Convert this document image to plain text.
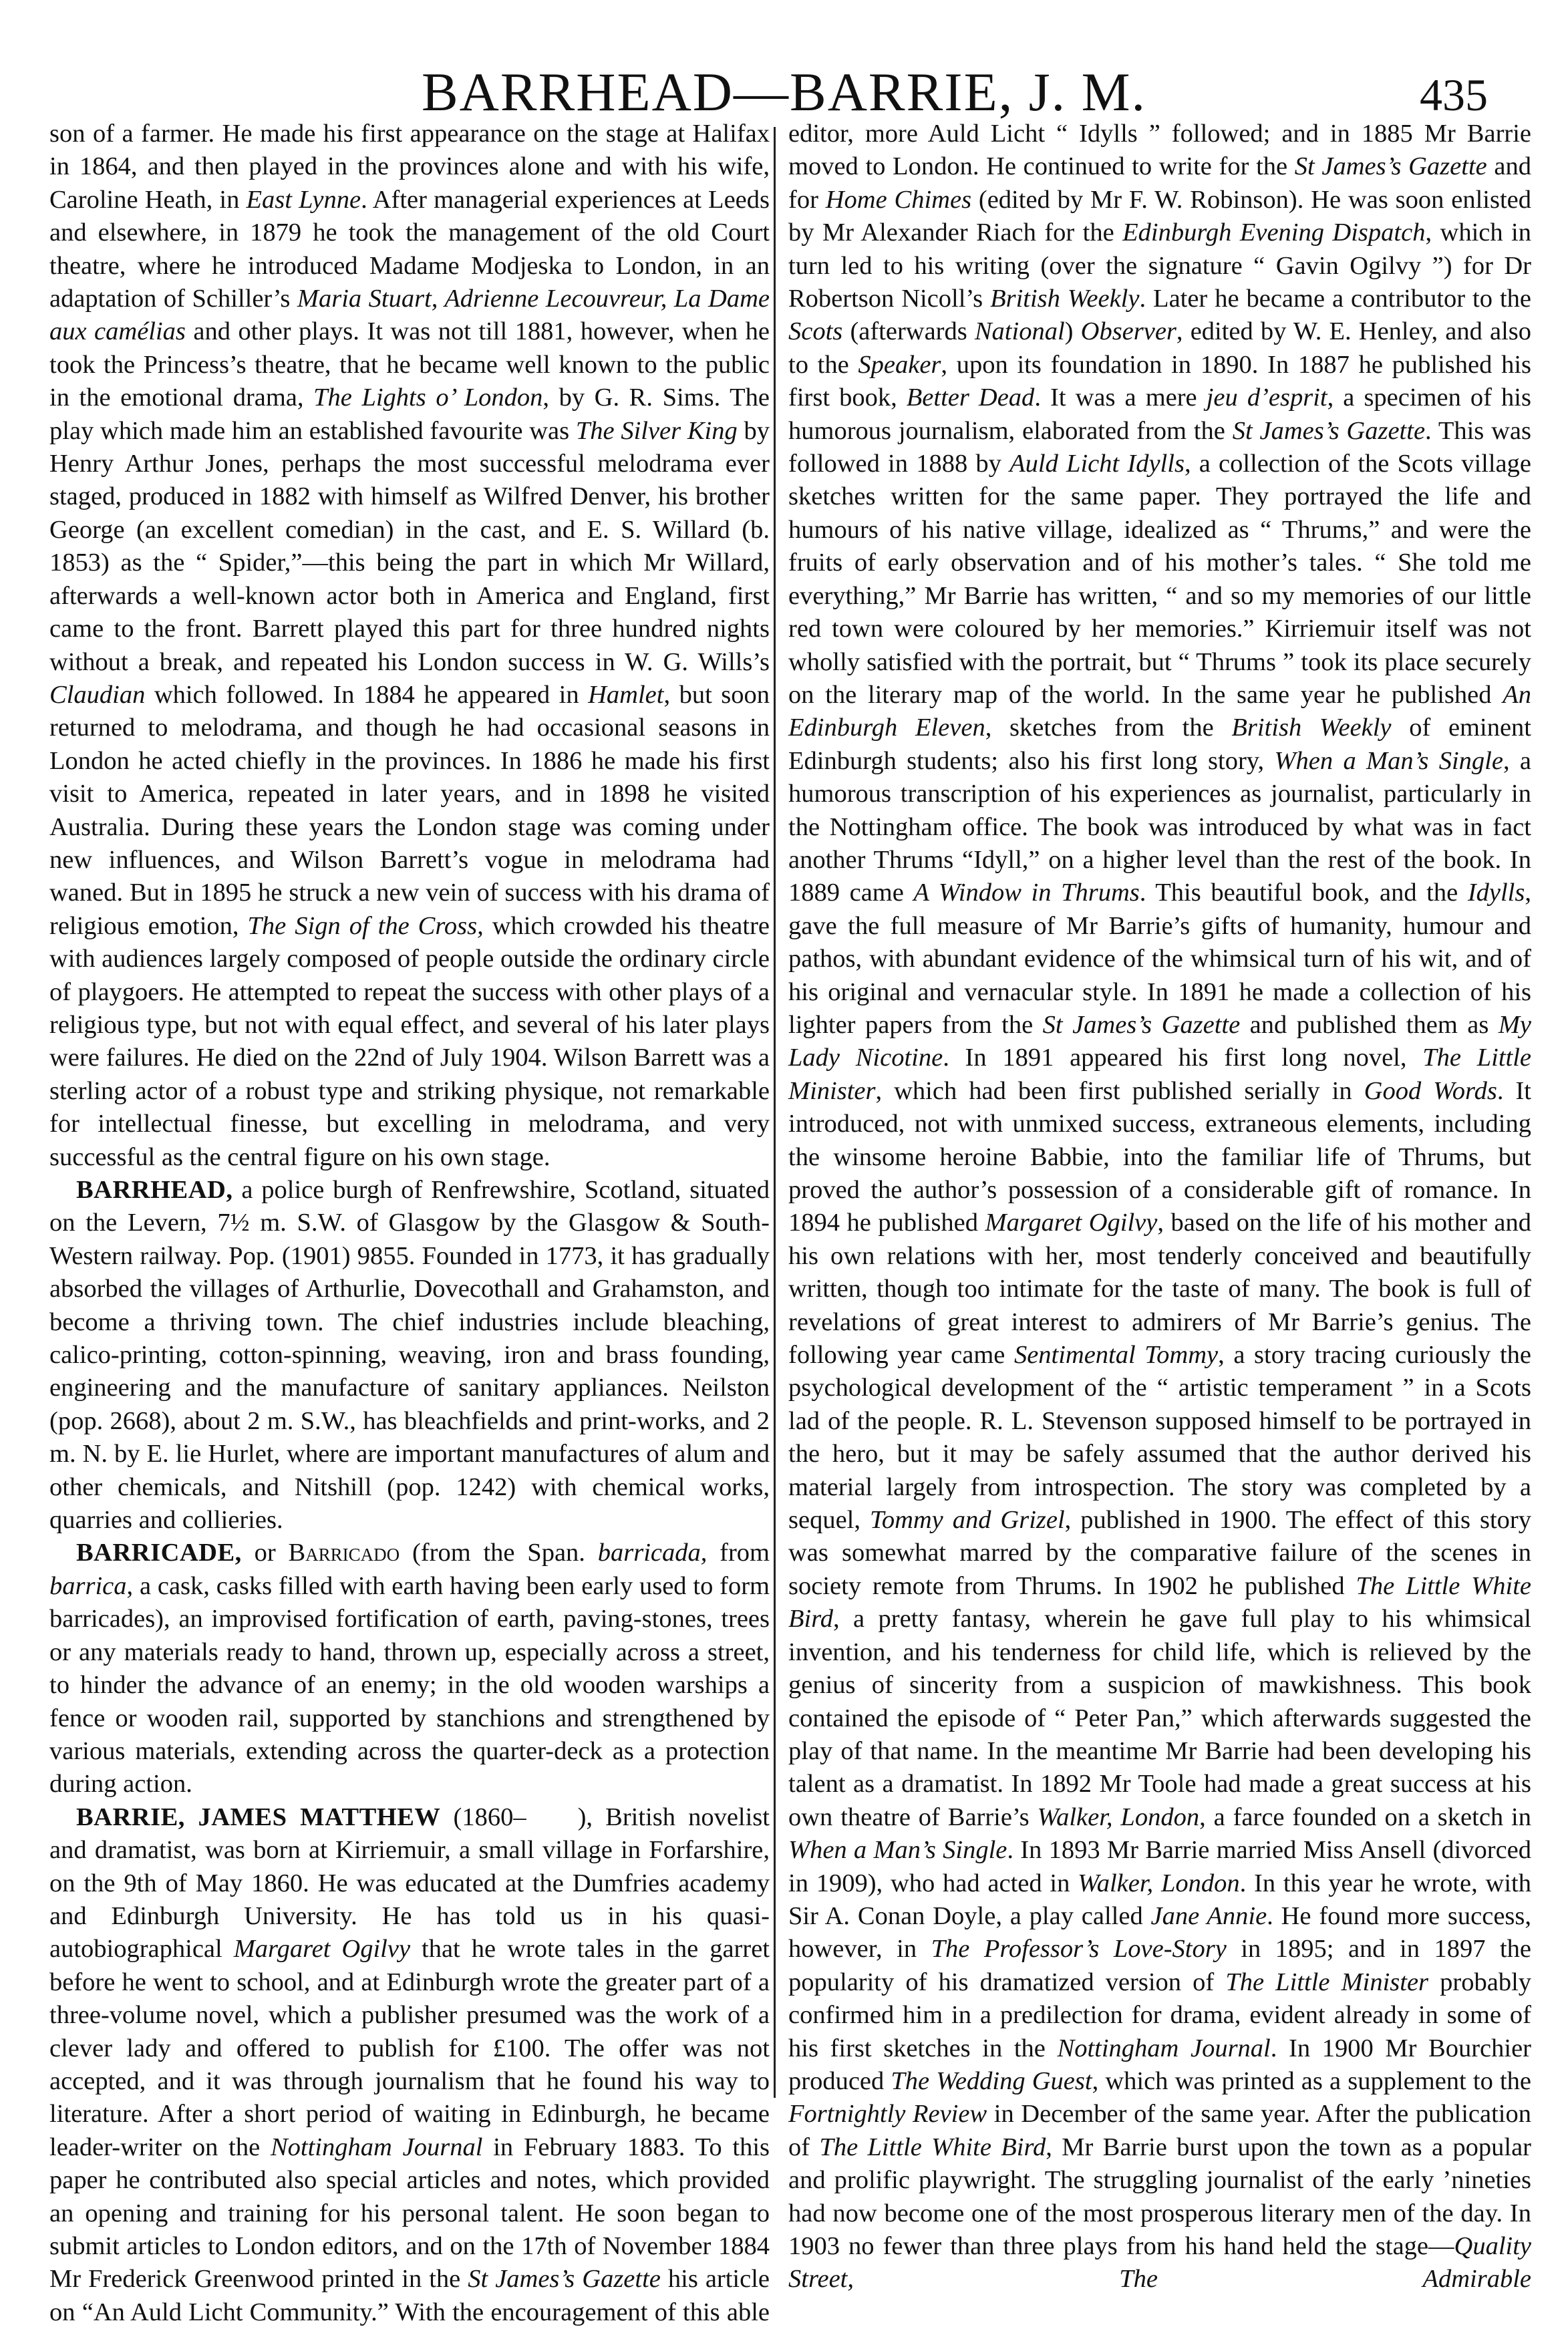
BARRHEAD—BARRIE, J. M.	435

son of a farmer. He made his first appearance on the stage at Halifax in 1864, and then played in the provinces alone and with his wife, Caroline Heath, in East Lynne. After managerial experiences at Leeds and elsewhere, in 1879 he took the management of the old Court theatre, where he introduced Madame Modjeska to London, in an adaptation of Schiller’s Maria Stuart, Adrienne Lecouvreur, La Dame aux camélias and other plays. It was not till 1881, however, when he took the Princess’s theatre, that he became well known to the public in the emotional drama, The Lights o’ London, by G. R. Sims. The play which made him an established favourite was The Silver King by Henry Arthur Jones, perhaps the most successful melodrama ever staged, produced in 1882 with himself as Wilfred Denver, his brother George (an excellent comedian) in the cast, and E. S. Willard (b. 1853) as the “ Spider,”—this being the part in which Mr Willard, afterwards a well-known actor both in America and England, first came to the front. Barrett played this part for three hundred nights without a break, and repeated his London success in W. G. Wills’s Claudian which followed. In 1884 he appeared in Hamlet, but soon returned to melodrama, and though he had occasional seasons in London he acted chiefly in the provinces. In 1886 he made his first visit to America, repeated in later years, and in 1898 he visited Australia. During these years the London stage was coming under new influences, and Wilson Barrett’s vogue in melodrama had waned. But in 1895 he struck a new vein of success with his drama of religious emotion, The Sign of the Cross, which crowded his theatre with audiences largely composed of people outside the ordinary circle of playgoers. He attempted to repeat the success with other plays of a religious type, but not with equal effect, and several of his later plays were failures. He died on the 22nd of July 1904. Wilson Barrett was a sterling actor of a robust type and striking physique, not remarkable for intellectual finesse, but excelling in melodrama, and very successful as the central figure on his own stage.

BARRHEAD, a police burgh of Renfrewshire, Scotland, situated on the Levern, 7½ m. S.W. of Glasgow by the Glasgow & South-Western railway. Pop. (1901) 9855. Founded in 1773, it has gradually absorbed the villages of Arthurlie, Dovecothall and Grahamston, and become a thriving town. The chief industries include bleaching, calico-printing, cotton-spinning, weaving, iron and brass founding, engineering and the manufacture of sanitary appliances. Neilston (pop. 2668), about 2 m. S.W., has bleachfields and print-works, and 2 m. N. by E. lie Hurlet, where are important manufactures of alum and other chemicals, and Nitshill (pop. 1242) with chemical works, quarries and collieries.

BARRICADE, or Barricado (from the Span. barricada, from barrica, a cask, casks filled with earth having been early used to form barricades), an improvised fortification of earth, paving-stones, trees or any materials ready to hand, thrown up, especially across a street, to hinder the advance of an enemy; in the old wooden warships a fence or wooden rail, supported by stanchions and strengthened by various materials, extending across the quarter-deck as a protection during action.

BARRIE, JAMES MATTHEW (1860–  ), British novelist and dramatist, was born at Kirriemuir, a small village in Forfarshire, on the 9th of May 1860. He was educated at the Dumfries academy and Edinburgh University. He has told us in his quasi-autobiographical Margaret Ogilvy that he wrote tales in the garret before he went to school, and at Edinburgh wrote the greater part of a three-volume novel, which a publisher presumed was the work of a clever lady and offered to publish for £100. The offer was not accepted, and it was through journalism that he found his way to literature. After a short period of waiting in Edinburgh, he became leader-writer on the Nottingham Journal in February 1883. To this paper he contributed also special articles and notes, which provided an opening and training for his personal talent. He soon began to submit articles to London editors, and on the 17th of November 1884 Mr Frederick Greenwood printed in the St James’s Gazette his article on “An Auld Licht Community.” With the encouragement of this able

editor, more Auld Licht “ Idylls ” followed; and in 1885 Mr Barrie moved to London. He continued to write for the St James’s Gazette and for Home Chimes (edited by Mr F. W. Robinson). He was soon enlisted by Mr Alexander Riach for the Edinburgh Evening Dispatch, which in turn led to his writing (over the signature “ Gavin Ogilvy ”) for Dr Robertson Nicoll’s British Weekly. Later he became a contributor to the Scots (afterwards National) Observer, edited by W. E. Henley, and also to the Speaker, upon its foundation in 1890. In 1887 he published his first book, Better Dead. It was a mere jeu d’esprit, a specimen of his humorous journalism, elaborated from the St James’s Gazette. This was followed in 1888 by Auld Licht Idylls, a collection of the Scots village sketches written for the same paper. They portrayed the life and humours of his native village, idealized as “ Thrums,” and were the fruits of early observation and of his mother’s tales. “ She told me everything,” Mr Barrie has written, “ and so my memories of our little red town were coloured by her memories.” Kirriemuir itself was not wholly satisfied with the portrait, but “ Thrums ” took its place securely on the literary map of the world. In the same year he published An Edinburgh Eleven, sketches from the British Weekly of eminent Edinburgh students; also his first long story, When a Man’s Single, a humorous transcription of his experiences as journalist, particularly in the Nottingham office. The book was introduced by what was in fact another Thrums “Idyll,” on a higher level than the rest of the book. In 1889 came A Window in Thrums. This beautiful book, and the Idylls, gave the full measure of Mr Barrie’s gifts of humanity, humour and pathos, with abundant evidence of the whimsical turn of his wit, and of his original and vernacular style. In 1891 he made a collection of his lighter papers from the St James’s Gazette and published them as My Lady Nicotine. In 1891 appeared his first long novel, The Little Minister, which had been first published serially in Good Words. It introduced, not with unmixed success, extraneous elements, including the winsome heroine Babbie, into the familiar life of Thrums, but proved the author’s possession of a considerable gift of romance. In 1894 he published Margaret Ogilvy, based on the life of his mother and his own relations with her, most tenderly conceived and beautifully written, though too intimate for the taste of many. The book is full of revelations of great interest to admirers of Mr Barrie’s genius. The following year came Sentimental Tommy, a story tracing curiously the psychological development of the “ artistic temperament ” in a Scots lad of the people. R. L. Stevenson supposed himself to be portrayed in the hero, but it may be safely assumed that the author derived his material largely from introspection. The story was completed by a sequel, Tommy and Grizel, published in 1900. The effect of this story was somewhat marred by the comparative failure of the scenes in society remote from Thrums. In 1902 he published The Little White Bird, a pretty fantasy, wherein he gave full play to his whimsical invention, and his tenderness for child life, which is relieved by the genius of sincerity from a suspicion of mawkishness. This book contained the episode of “ Peter Pan,” which afterwards suggested the play of that name. In the meantime Mr Barrie had been developing his talent as a dramatist. In 1892 Mr Toole had made a great success at his own theatre of Barrie’s Walker, London, a farce founded on a sketch in When a Man’s Single. In 1893 Mr Barrie married Miss Ansell (divorced in 1909), who had acted in Walker, London. In this year he wrote, with Sir A. Conan Doyle, a play called Jane Annie. He found more success, however, in The Professor’s Love-Story in 1895; and in 1897 the popularity of his dramatized version of The Little Minister probably confirmed him in a predilection for drama, evident already in some of his first sketches in the Nottingham Journal. In 1900 Mr Bourchier produced The Wedding Guest, which was printed as a supplement to the Fortnightly Review in December of the same year. After the publication of The Little White Bird, Mr Barrie burst upon the town as a popular and prolific playwright. The struggling journalist of the early ’nineties had now become one of the most prosperous literary men of the day. In 1903 no fewer than three plays from his hand held the stage—Quality Street, The Admirable
